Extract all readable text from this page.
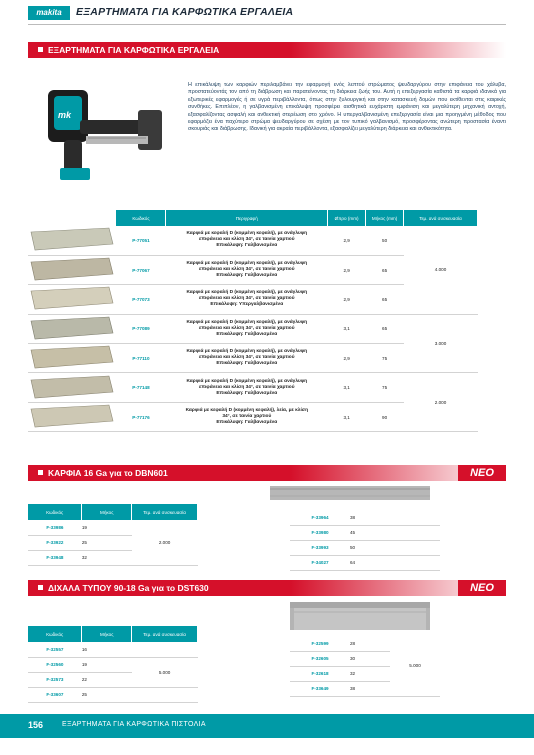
makita	ΕΞΑΡΤΗΜΑΤΑ ΓΙΑ ΚΑΡΦΩΤΙΚΑ ΕΡΓΑΛΕΙΑ
ΕΞΑΡΤΗΜΑΤΑ ΓΙΑ ΚΑΡΦΩΤΙΚΑ ΕΡΓΑΛΕΙΑ
mk
Η επικάλυψη των καρφιών περιλαμβάνει την εφαρμογή ενός λεπτού στρώματος ψευδαργύρου στην επιφάνεια του χάλυβα, προστατεύοντάς τον από τη διάβρωση και παρατείνοντας τη διάρκεια ζωής του. Αυτή η επεξεργασία καθιστά τα καρφιά ιδανικά για εξωτερικές εφαρμογές ή σε υγρά περιβάλλοντα, όπως στην ξυλουργική και στην κατασκευή δομών που εκτίθενται στις καιρικές συνθήκες. Επιπλέον, η γαλβανισμένη επικάλυψη προσφέρει αισθητικά ευχάριστη εμφάνιση και μεγαλύτερη μηχανική αντοχή, εξασφαλίζοντας ασφαλή και ανθεκτική στερέωση στο χρόνο. Η υπεργαλβανισμένη επεξεργασία είναι μια προηγμένη μέθοδος που εφαρμόζει ένα παχύτερο στρώμα ψευδαργύρου σε σχέση με τον τυπικό γαλβανισμό, προσφέροντας ανώτερη προστασία έναντι σκουριάς και διάβρωσης. Ιδανική για ακραία περιβάλλοντα, εξασφαλίζει μεγαλύτερη διάρκεια και ανθεκτικότητα.
	Κωδικός	Περιγραφή	Øπρο (mm)	Μήκος (mm)	Τεμ. ανά συσκευασία
	P-77051	Καρφιά με κεφαλή D (κομμένη κεφαλή), με ανάγλυφη
επιφάνεια και κλίση 34°, σε ταινία χαρτιού
Επικάλυψη: Γαλβανισμένα	2,9	50	4.000
	P-77067	Καρφιά με κεφαλή D (κομμένη κεφαλή), με ανάγλυφη
επιφάνεια και κλίση 34°, σε ταινία χαρτιού
Επικάλυψη: Γαλβανισμένα	2,9	65	
	P-77073	Καρφιά με κεφαλή D (κομμένη κεφαλή), με ανάγλυφη
επιφάνεια και κλίση 34°, σε ταινία χαρτιού
Επικάλυψη: Υπεργαλβανισμένα	2,9	65	
	P-77089	Καρφιά με κεφαλή D (κομμένη κεφαλή), με ανάγλυφη
επιφάνεια και κλίση 34°, σε ταινία χαρτιού
Επικάλυψη: Γαλβανισμένα	3,1	65	3.000
	P-77110	Καρφιά με κεφαλή D (κομμένη κεφαλή), με ανάγλυφη
επιφάνεια και κλίση 34°, σε ταινία χαρτιού
Επικάλυψη: Γαλβανισμένα	2,9	75	
	P-77148	Καρφιά με κεφαλή D (κομμένη κεφαλή), με ανάγλυφη
επιφάνεια και κλίση 34°, σε ταινία χαρτιού
Επικάλυψη: Γαλβανισμένα	3,1	75	2.000
	P-77176	Καρφιά με κεφαλή D (κομμένη κεφαλή), λεία, με κλίση
34°, σε ταινία χαρτιού
Επικάλυψη: Γαλβανισμένα	3,1	90	
ΚΑΡΦΙΑ 16 Ga για το DBN601	ΝΕΟ
Κωδικός	Μήκος	Τεμ. ανά συσκευασία
F-33986	19	2.000
F-33922	25	
F-33948	32	
F-33964	38	
F-33980	45	
F-33993	50	
F-34027	64	
ΔΙΧΑΛΑ ΤΥΠΟΥ 90-18 Ga για το DST630	ΝΕΟ
Κωδικός	Μήκος	Τεμ. ανά συσκευασία
F-32557	16	
F-32560	19	5.000
F-32573	22	
F-33607	25	
F-32599	28	5.000
F-32605	30	
F-32618	32	
F-33649	38	
156	ΕΞΑΡΤΗΜΑΤΑ ΓΙΑ ΚΑΡΦΩΤΙΚΑ ΠΙΣΤΟΛΙΑ
